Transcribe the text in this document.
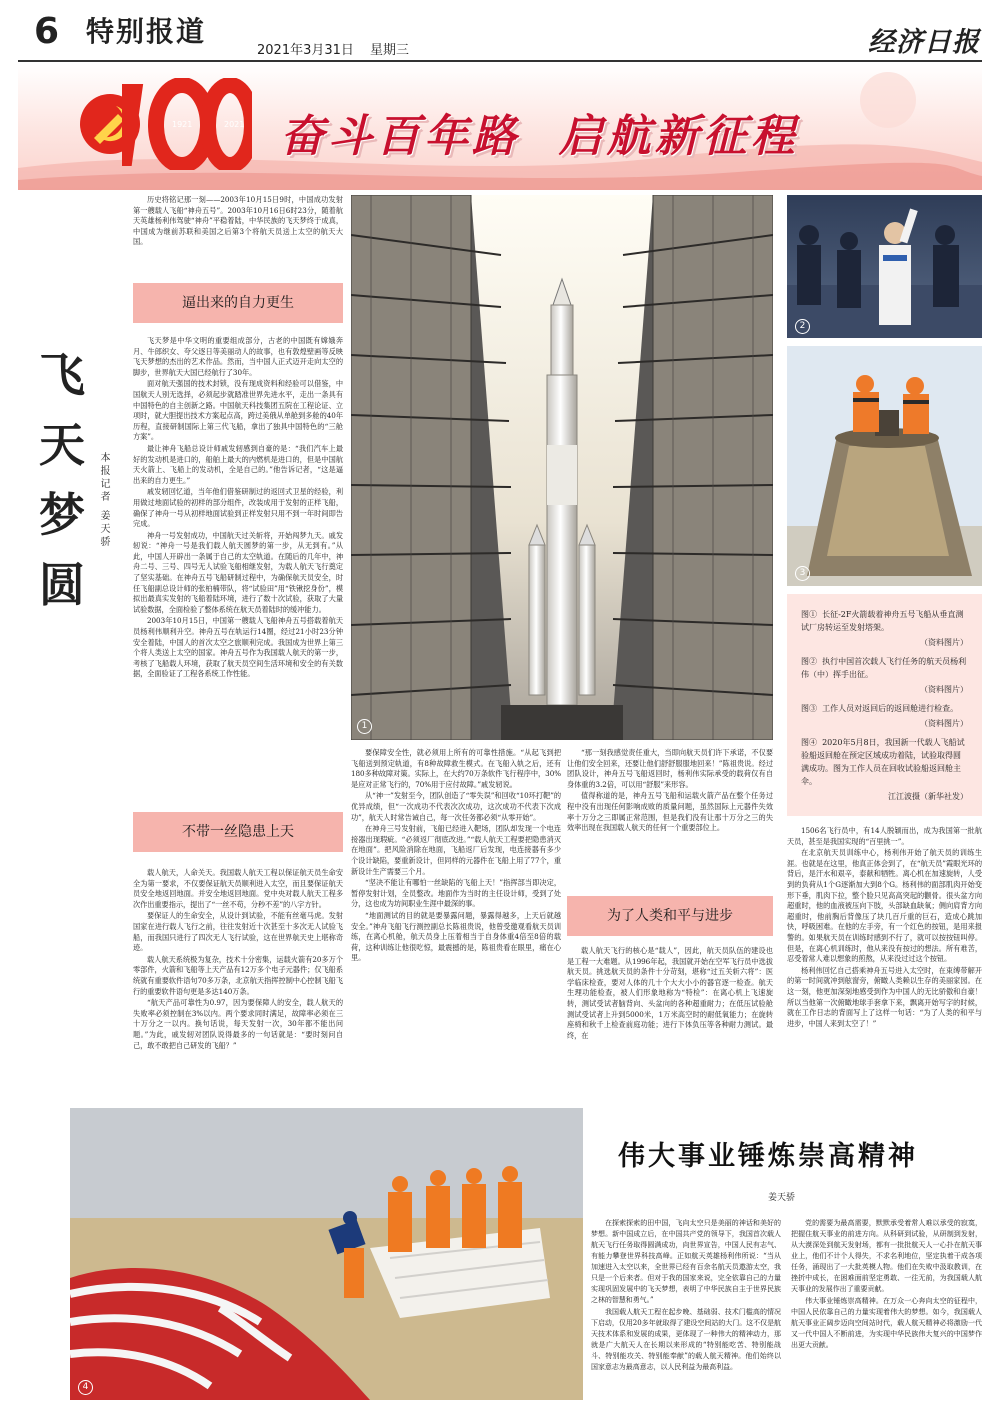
6 特别报道
2021年3月31日 星期三	经济日报
1921	2021 奋斗百年路  启航新征程

历史将铭记那一刻——2003年10月15日9时，中国成功发射第一艘载人飞船“神舟五号”。2003年10月16日6时23分，随着航天英雄杨利伟驾驶“神舟”平稳着陆，中华民族的飞天梦终于成真，中国成为继前苏联和美国之后第3个将航天员送上太空的航天大国。

逼出来的自力更生
飞
天
梦
圆
本报记者 姜天骄

飞天梦是中华文明的重要组成部分，古老的中国既有嫦娥奔月、牛郎织女、夸父逐日等美丽动人的故事，也有敦煌壁画等反映飞天梦想的杰出的艺术作品。然而，当中国人正式迈开走向太空的脚步，世界航天大国已经航行了30年。

面对航天强国的技术封锁，没有现成资料和经验可以借鉴，中国航天人别无选择，必须起步就踏准世界先进水平，走出一条具有中国特色的自主创新之路。中国航天科技集团五院在工程论证、立项时，就大胆提出技术方案起点高，跨过美俄从单舱到多舱的40年历程，直接研制国际上第三代飞船，拿出了独具中国特色的“三舱方案”。

最让神舟飞船总设计师戚发轫感到自豪的是：“我们汽车上最好的发动机是进口的，船舶上最大的内燃机是进口的，但是中国航天火箭上、飞船上的发动机，全是自己的。”他告诉记者，“这是逼出来的自力更生。”

戚发轫回忆道，当年他们借鉴研制过的返回式卫星的经验，利用做过地面试验的初样的部分组件，改装成用于发射的正样飞船，确保了神舟一号从初样地面试验到正样发射只用不到一年时间即告完成。

神舟一号发射成功，中国航天过关斩将，开始闯梦九天。戚发轫说：“神舟一号是我们载人航天圆梦的第一步，从无到有。”从此，中国人开辟出一条属于自己的太空轨道。在随后的几年中，神舟二号、三号、四号无人试验飞船相继发射，为载人航天飞行奠定了坚实基础。在神舟五号飞船研制过程中，为确保航天员安全，时任飞船副总设计师的张柏楠带队，将“试验田”用“铁锹挖身份”，模拟出最真实发射的飞船着陆环境，进行了数十次试验，获取了大量试验数据，全面检验了整体系统在航天员着陆时的缓冲能力。

2003年10月15日，中国第一艘载人飞船神舟五号搭载着航天员杨利伟顺利升空。神舟五号在轨运行14圈，经过21小时23分钟安全着陆，中国人的首次太空之旅顺利完成。我国成为世界上第三个将人类送上太空的国家。神舟五号作为我国载人航天的第一步，考核了飞船载人环境，获取了航天员空间生活环境和安全的有关数据，全面验证了工程各系统工作性能。

不带一丝隐患上天

载人航天，人命关天。我国载人航天工程以保证航天员生命安全为第一要求，不仅要保证航天员顺利进入太空，而且要保证航天员安全地返回地面。并安全地返回地面。党中央对载人航天工程多次作出重要指示，提出了“一丝不苟，分秒不差”的八字方针。

要保证人的生命安全，从设计到试验，不能有丝毫马虎。发射国家在进行载人飞行之前，往往发射近十次甚至十多次无人试验飞船，而我国只进行了四次无人飞行试验，这在世界航天史上堪称奇迹。

载人航天系统极为复杂，技术十分密集，运载火箭有20多万个零部件，火箭和飞船等上天产品有12万多个电子元器件；仅飞船系统就有重要软件语句70多万条，北京航天指挥控制中心控制飞船飞行的重要软件语句更是多达140万条。

“航天产品可靠性为0.97，因为要保障人的安全，载人航天的失败率必须控制在3%以内。两个要求同时满足，故障率必须在三十万分之一以内。换句话说，每天发射一次，30年都不能出问题。”为此，戚发轫对团队说得最多的一句话就是：“要时刻问自己，敢不敢把自己研发的飞船？”

1

要保障安全性，就必须用上所有的可靠性措施。“从起飞到把飞船送到预定轨道，有8种故障救生模式。在飞船入轨之后，还有180多种故障对策。实际上，在大约70万条软件飞行程序中，30%是应对正常飞行的，70%用于应付故障。”戚发轫说。

从“神一”发射至今，团队创造了“零失误”和回收“10环打靶”的优异成绩，但“一次成功不代表次次成功，这次成功不代表下次成功”，航天人时常告诫自己，每一次任务都必须“从零开始”。

在神舟三号发射前，飞船已经进入靶场，团队却发现一个电连接器出现瑕疵。“必须返厂彻底改进。”“载人航天工程要把隐患消灭在地面”。把风险消除在地面，飞船返厂后发现，电连接器有多少个设计缺陷，要重新设计，但同样的元器件在飞船上用了77个，重新设计生产需要三个月。

“坚决不能让有哪怕一丝缺陷的飞船上天！”指挥部当即决定，暂停发射计划，全员整改。地面作为当时的主任设计师，受到了处分，这也成为坊间职业生涯中最深的事。

“地面测试的目的就是要暴露问题，暴露得越多，上天后就越安全。”神舟飞船飞行测控副总长陈祖贵说，他曾受邀观看航天员训练，在离心机舱，航天员身上压着相当于自身体重4倍至8倍的载荷，这种训练让他很吃惊，最震撼的是，陈祖贵看在眼里，痛在心里。

“那一刻我感觉责任重大，当即向航天员们许下承诺，不仅要让他们安全回来，还要让他们舒舒服服地回来！”陈祖贵说。经过团队设计，神舟五号飞船返回时，杨利伟实际承受的载荷仅有自身体重的3.2倍，可以用“舒服”来形容。

值得称道的是，神舟五号飞船和运载火箭产品在整个任务过程中没有出现任何影响成败的质量问题，虽然国际上元器件失效率十万分之三即属正常范围，但是我们没有让那十万分之三的失效率出现在我国载人航天的任何一个重要部位上。

为了人类和平与进步

载人航天飞行的核心是“载人”，因此，航天员队伍的建设也是工程一大难题。从1996年起，我国就开始在空军飞行员中选拔航天员。挑选航天员的条件十分苛刻，堪称“过五关斩六将”：医学临床检查，要对人体的几十个大大小小的器官逐一检查。航天生理功能检查，被人们形象地称为“特检”：在离心机上飞速旋转，测试受试者脑背向、头盆向的各种超重耐力；在低压试验舱测试受试者上升到5000米，1万米高空时的耐低氧能力；在旋转座椅和秋千上检查前庭功能；进行下体负压等各种耐力测试。最终，在

2
3
图① 长征-2F火箭载着神舟五号飞船从垂直测试厂房转运至发射塔架。
（资料图片）
图② 执行中国首次载人飞行任务的航天员杨利伟（中）挥手出征。
（资料图片）
图③ 工作人员对返回后的返回舱进行检查。
（资料图片）
图④ 2020年5月8日，我国新一代载人飞船试验船返回舱在预定区域成功着陆，试验取得圆满成功。图为工作人员在回收试验船返回舱主伞。
江江波摄（新华社发）

1506名飞行员中，有14人脱颖而出，成为我国第一批航天员，甚至是我国实现的“百里挑一”。

在北京航天员训练中心，杨利伟开始了航天员的训练生涯。也就是在这里，他真正体会到了，在“航天员”霞眼光环的背后，是汗水和艰辛，泰献和牺牲。离心机在加速旋转，人受到的负荷从1个G逐渐加大到8个G。杨利伟的面部肌肉开始变形下垂，肌肉下拉，整个脸只见高高突起的颧骨。很头盆方向超重时，他的血液被压向下肢，头部缺血缺氧；侧向肩背方向超重时，他前胸后背像压了块几百斤重的巨石，造成心跳加快，呼吸困难。在他的左手旁，有一个红色的按钮，是用来报警的。如果航天员在训练时感到不行了，就可以按按钮叫停。但是，在离心机训练时，他从来没有按过的想法。所有难苦，忍受着常人难以想象的煎熬，从来没过过这个按钮。

杨利伟回忆自己搭乘神舟五号进入太空时，在束缚带解开的第一时间就冲到舷窗旁，俯瞰人类赖以生存的美丽家园。在这一刻，他更加深刻地感受到作为中国人的无比骄傲和自豪！所以当他第一次俯瞰地球手套拿下来，飘离开始写字的时候，就在工作日志的背面写上了这样一句话：“为了人类的和平与进步，中国人来到太空了！”

4
伟大事业锤炼崇高精神
姜天骄

在探索探索的田中国，飞向太空只是美丽的神话和美好的梦想。新中国成立后，在中国共产党的领导下，我国首次载人航天飞行任务取得圆满成功，向世界宣告，中国人民有志气、有能力攀登世界科技高峰。正如航天英雄杨利伟所说：“当从加速进入太空以来，全世界已经有百余名航天员遨游太空，我只是一个后来者。但对于我的国家来说，完全依靠自己的力量实现巩固发展中的飞天梦想，表明了中华民族自主于世界民族之林的智慧和勇气。”

我国载人航天工程在起步晚、基础弱、技术门槛高的情况下启动，仅用20多年就取得了建设空间站的大门。这不仅是航天技术体系和发展的成果，更体现了一种伟大的精神动力，那就是广大航天人在长期以来形成的“特别能吃苦、特别能战斗、特别能攻关、特别能奉献”的载人航天精神。他们始终以国家意志为最高意志，以人民利益为最高利益。

党的需要为最高需要，默默承受着常人难以承受的寂寞，把握住航天事业的前进方向。从科研到试验，从研制到发射，从大漠深处到航天发射场，都有一批批航天人一心扑在航天事业上，他们不计个人得失，不求名利地位，坚定执着干成各项任务，涌现出了一大批英模人物。他们在失败中汲取教训，在挫折中成长，在困难面前坚定勇敢、一往无前，为我国载人航天事业的发展作出了重要贡献。

伟大事业锤炼崇高精神。在万众一心奔向太空的征程中，中国人民依靠自己的力量实现着伟大的梦想。如今，我国载人航天事业正阔步迈向空间站时代，载人航天精神必将激励一代又一代中国人不断前进，为实现中华民族伟大复兴的中国梦作出更大贡献。
